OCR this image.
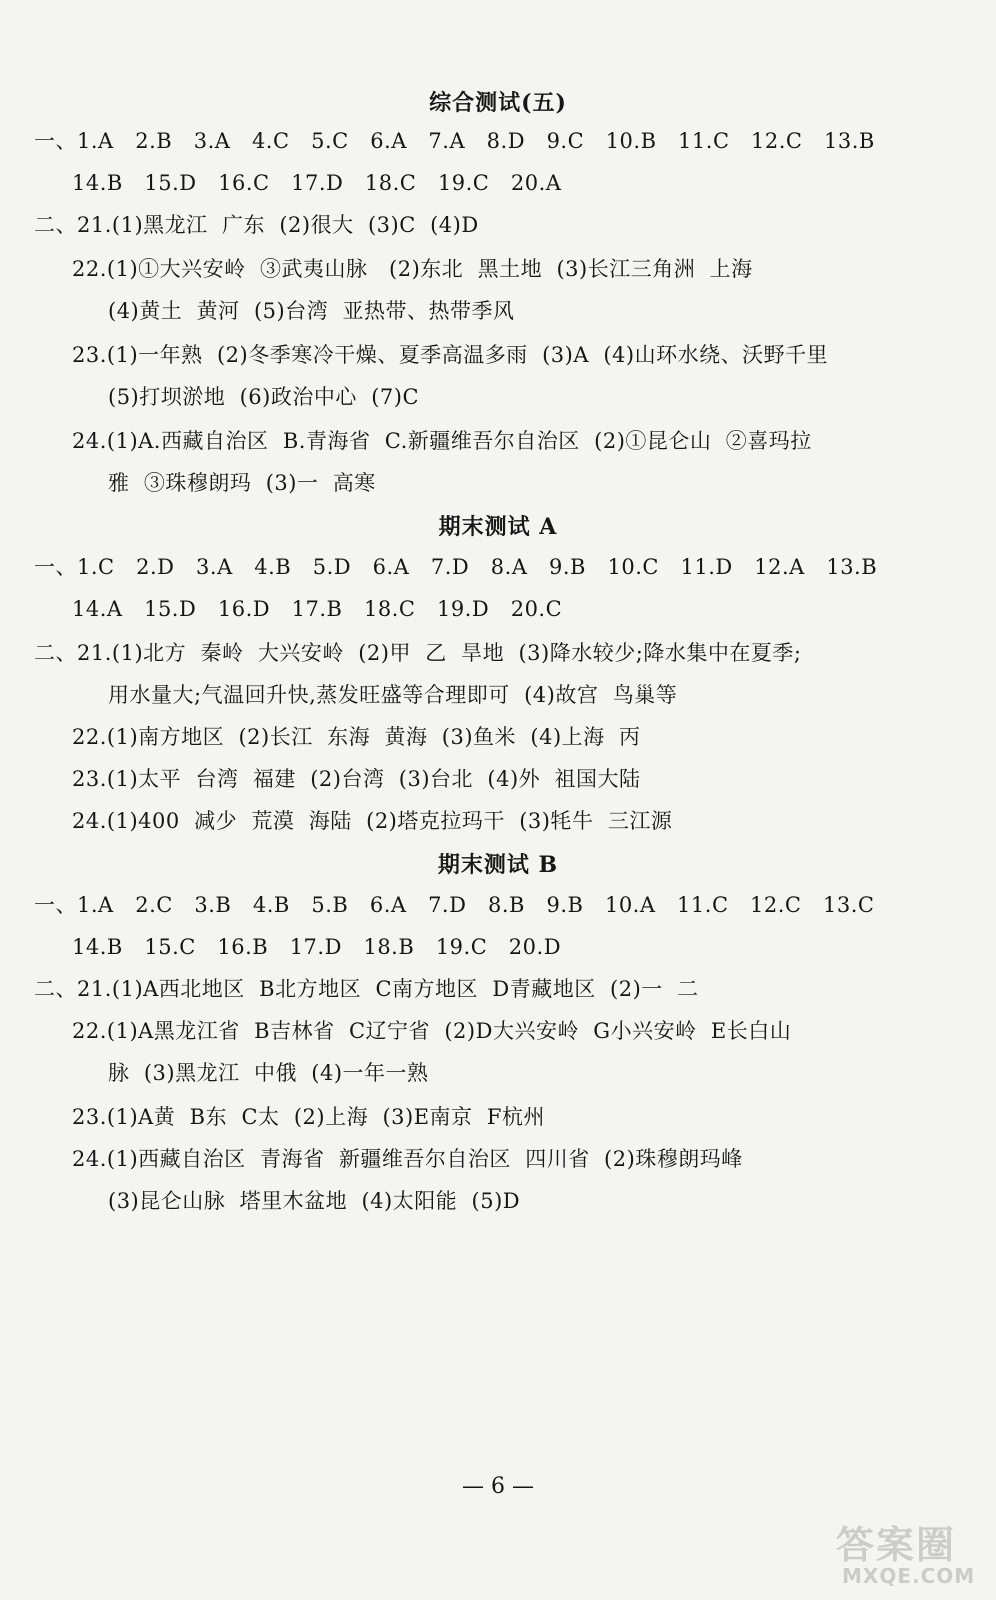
综合测试(五)
一、1.A   2.B   3.A   4.C   5.C   6.A   7.A   8.D   9.C   10.B   11.C   12.C   13.B
14.B   15.D   16.C   17.D   18.C   19.C   20.A
二、21.(1)黑龙江  广东  (2)很大  (3)C  (4)D
22.(1)①大兴安岭  ③武夷山脉   (2)东北  黑土地  (3)长江三角洲  上海
(4)黄土  黄河  (5)台湾  亚热带、热带季风
23.(1)一年熟  (2)冬季寒冷干燥、夏季高温多雨  (3)A  (4)山环水绕、沃野千里
(5)打坝淤地  (6)政治中心  (7)C
24.(1)A.西藏自治区  B.青海省  C.新疆维吾尔自治区  (2)①昆仑山  ②喜玛拉
雅  ③珠穆朗玛  (3)一  高寒
期末测试 A
一、1.C   2.D   3.A   4.B   5.D   6.A   7.D   8.A   9.B   10.C   11.D   12.A   13.B
14.A   15.D   16.D   17.B   18.C   19.D   20.C
二、21.(1)北方  秦岭  大兴安岭  (2)甲  乙  旱地  (3)降水较少;降水集中在夏季;
用水量大;气温回升快,蒸发旺盛等合理即可  (4)故宫  鸟巢等
22.(1)南方地区  (2)长江  东海  黄海  (3)鱼米  (4)上海  丙
23.(1)太平  台湾  福建  (2)台湾  (3)台北  (4)外  祖国大陆
24.(1)400  减少  荒漠  海陆  (2)塔克拉玛干  (3)牦牛  三江源
期末测试 B
一、1.A   2.C   3.B   4.B   5.B   6.A   7.D   8.B   9.B   10.A   11.C   12.C   13.C
14.B   15.C   16.B   17.D   18.B   19.C   20.D
二、21.(1)A西北地区  B北方地区  C南方地区  D青藏地区  (2)一  二
22.(1)A黑龙江省  B吉林省  C辽宁省  (2)D大兴安岭  G小兴安岭  E长白山
脉  (3)黑龙江  中俄  (4)一年一熟
23.(1)A黄  B东  C太  (2)上海  (3)E南京  F杭州
24.(1)西藏自治区  青海省  新疆维吾尔自治区  四川省  (2)珠穆朗玛峰
(3)昆仑山脉  塔里木盆地  (4)太阳能  (5)D
— 6 —
答案圈
MXQE.COM
